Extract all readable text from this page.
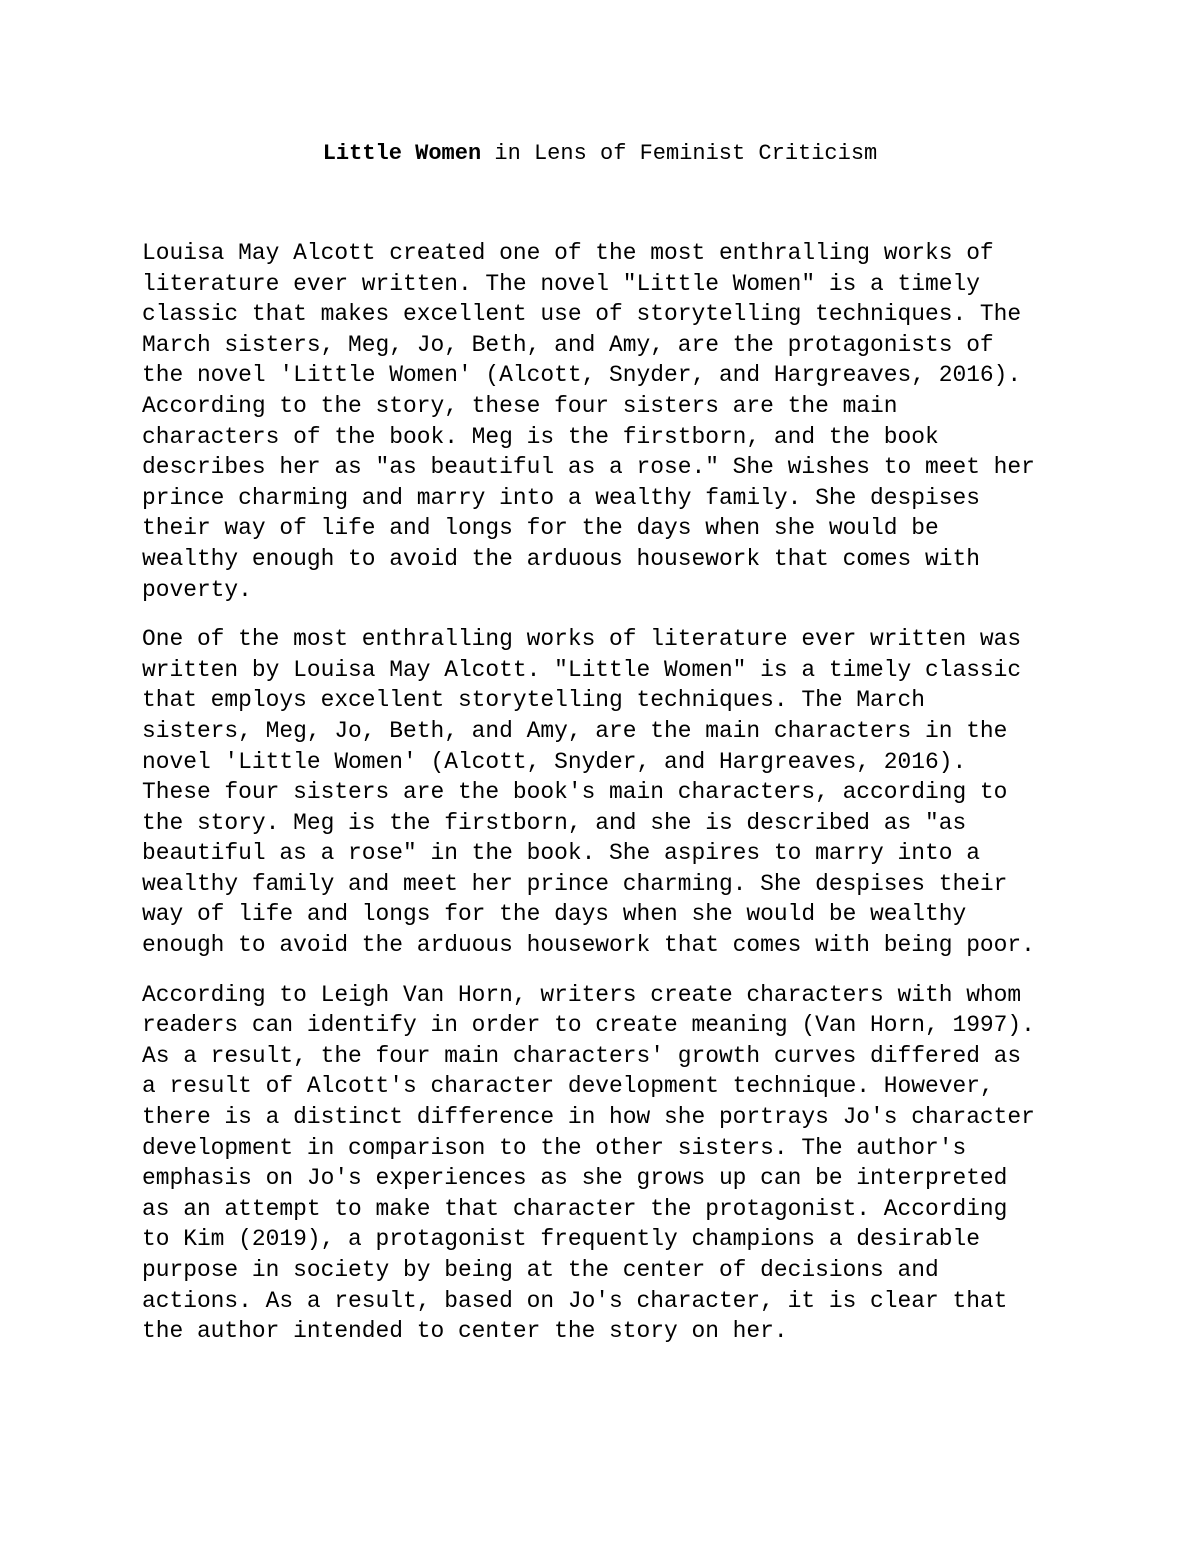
Little Women in Lens of Feminist Criticism

Louisa May Alcott created one of the most enthralling works of
literature ever written. The novel "Little Women" is a timely
classic that makes excellent use of storytelling techniques. The
March sisters, Meg, Jo, Beth, and Amy, are the protagonists of
the novel 'Little Women' (Alcott, Snyder, and Hargreaves, 2016).
According to the story, these four sisters are the main
characters of the book. Meg is the firstborn, and the book
describes her as "as beautiful as a rose." She wishes to meet her
prince charming and marry into a wealthy family. She despises
their way of life and longs for the days when she would be
wealthy enough to avoid the arduous housework that comes with
poverty.

One of the most enthralling works of literature ever written was
written by Louisa May Alcott. "Little Women" is a timely classic
that employs excellent storytelling techniques. The March
sisters, Meg, Jo, Beth, and Amy, are the main characters in the
novel 'Little Women' (Alcott, Snyder, and Hargreaves, 2016).
These four sisters are the book's main characters, according to
the story. Meg is the firstborn, and she is described as "as
beautiful as a rose" in the book. She aspires to marry into a
wealthy family and meet her prince charming. She despises their
way of life and longs for the days when she would be wealthy
enough to avoid the arduous housework that comes with being poor.

According to Leigh Van Horn, writers create characters with whom
readers can identify in order to create meaning (Van Horn, 1997).
As a result, the four main characters' growth curves differed as
a result of Alcott's character development technique. However,
there is a distinct difference in how she portrays Jo's character
development in comparison to the other sisters. The author's
emphasis on Jo's experiences as she grows up can be interpreted
as an attempt to make that character the protagonist. According
to Kim (2019), a protagonist frequently champions a desirable
purpose in society by being at the center of decisions and
actions. As a result, based on Jo's character, it is clear that
the author intended to center the story on her.
